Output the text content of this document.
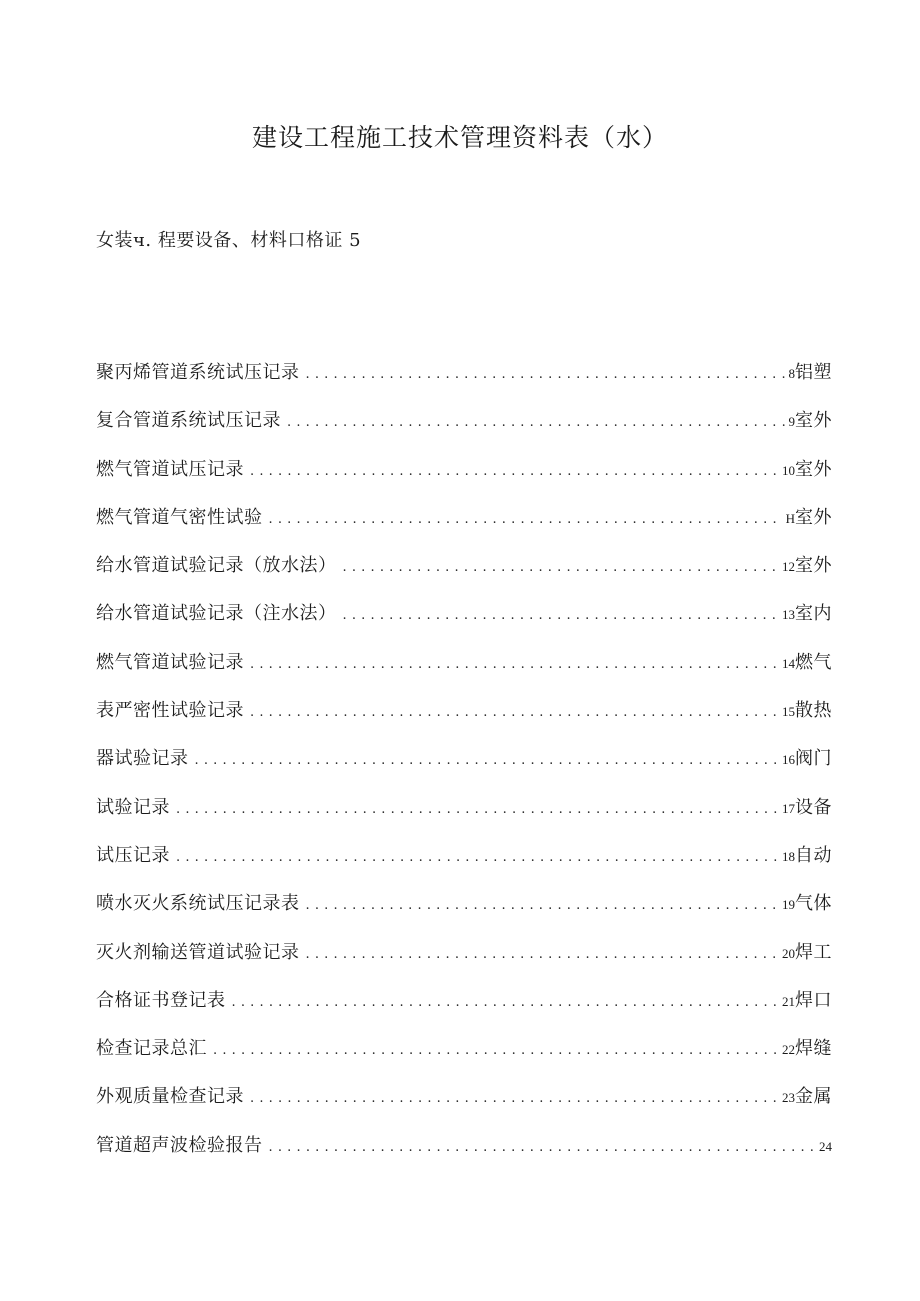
建设工程施工技术管理资料表（水）

女装ч. 程要设备、材料口格证 5

聚丙烯管道系统试压记录 .....	8 铝塑
复合管道系统试压记录 .....	9 室外
燃气管道试压记录 .....	10 室外
燃气管道气密性试验 .....	H 室外
给水管道试验记录（放水法） .....	12 室外
给水管道试验记录（注水法） .....	13 室内
燃气管道试验记录 .....	14 燃气
表严密性试验记录 .....	15 散热
器试验记录 .....	16 阀门
试验记录 .....	17 设备
试压记录 .....	18 自动
喷水灭火系统试压记录表 .....	19 气体
灭火剂输送管道试验记录 .....	20 焊工
合格证书登记表 .....	21 焊口
检查记录总汇 .....	22 焊缝
外观质量检查记录 .....	23 金属
管道超声波检验报告 .....	24
